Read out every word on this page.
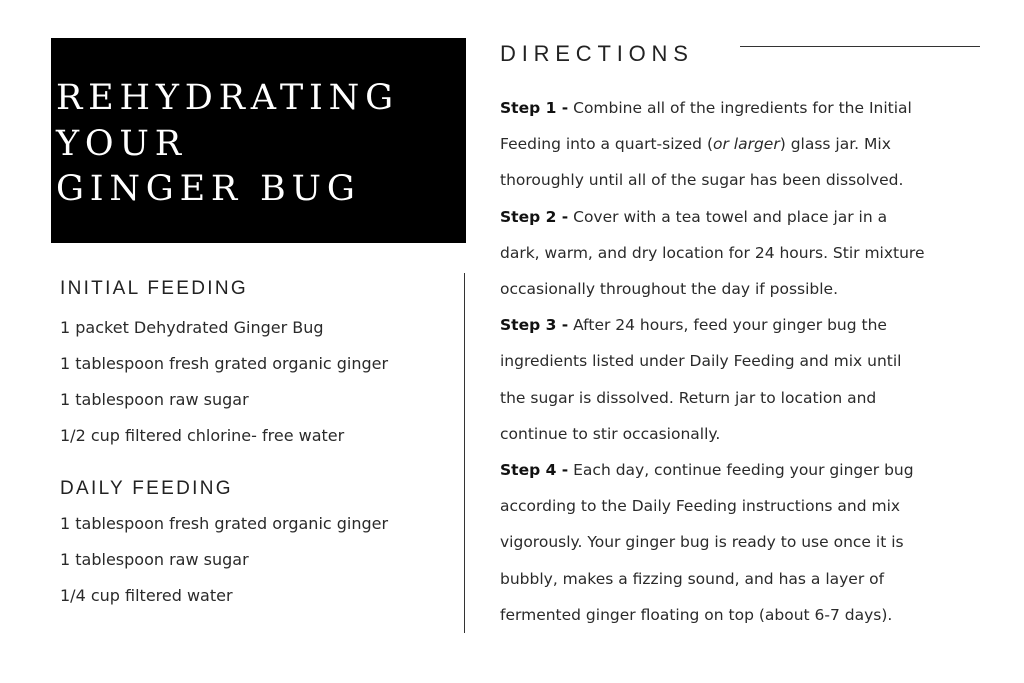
REHYDRATING
YOUR
GINGER BUG
INITIAL FEEDING
1 packet Dehydrated Ginger Bug
1 tablespoon fresh grated organic ginger
1 tablespoon raw sugar
1/2 cup filtered chlorine- free water
DAILY FEEDING
1 tablespoon fresh grated organic ginger
1 tablespoon raw sugar
1/4 cup filtered water
DIRECTIONS
Step 1 - Combine all of the ingredients for the Initial
Feeding into a quart-sized (or larger) glass jar. Mix
thoroughly until all of the sugar has been dissolved.
Step 2 - Cover with a tea towel and place jar in a
dark, warm, and dry location for 24 hours. Stir mixture
occasionally throughout the day if possible.
Step 3 - After 24 hours, feed your ginger bug the
ingredients listed under Daily Feeding and mix until
the sugar is dissolved. Return jar to location and
continue to stir occasionally.
Step 4 - Each day, continue feeding your ginger bug
according to the Daily Feeding instructions and mix
vigorously. Your ginger bug is ready to use once it is
bubbly, makes a fizzing sound, and has a layer of
fermented ginger floating on top (about 6-7 days).
